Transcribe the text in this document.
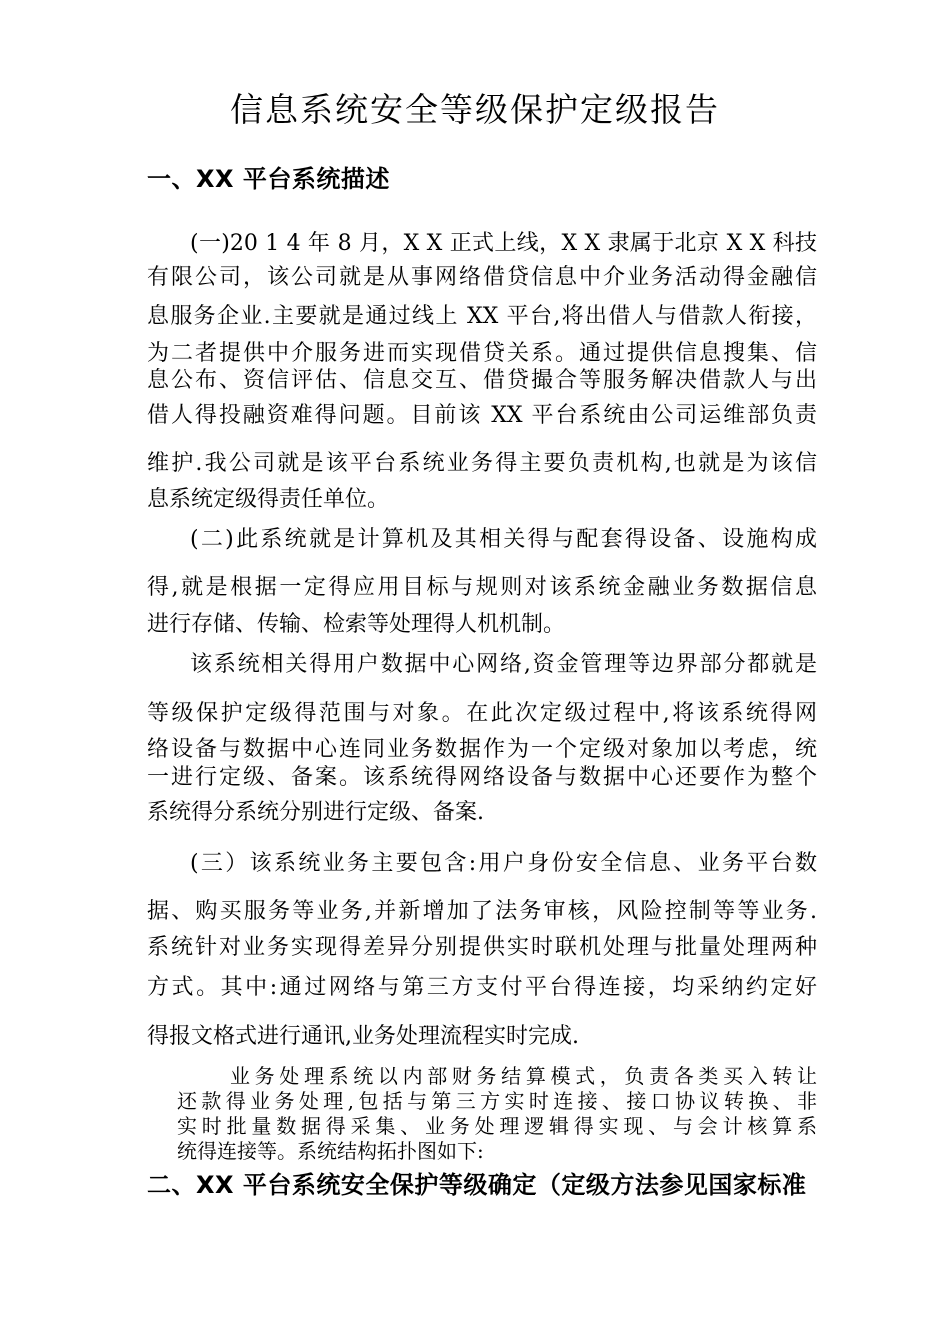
信息系统安全等级保护定级报告
一、XX 平台系统描述

(一)20 1 4 年 8 月，X X 正式上线，X X 隶属于北京 X X 科技

有限公司，该公司就是从事网络借贷信息中介业务活动得金融信

息服务企业.主要就是通过线上 XX 平台,将出借人与借款人衔接，

为二者提供中介服务进而实现借贷关系。通过提供信息搜集、信

息公布、资信评估、信息交互、借贷撮合等服务解决借款人与出

借人得投融资难得问题。目前该 XX 平台系统由公司运维部负责

维护.我公司就是该平台系统业务得主要负责机构,也就是为该信

息系统定级得责任单位。

(二)此系统就是计算机及其相关得与配套得设备、设施构成

得,就是根据一定得应用目标与规则对该系统金融业务数据信息

进行存储、传输、检索等处理得人机机制。

该系统相关得用户数据中心网络,资金管理等边界部分都就是

等级保护定级得范围与对象。在此次定级过程中,将该系统得网

络设备与数据中心连同业务数据作为一个定级对象加以考虑，统

一进行定级、备案。该系统得网络设备与数据中心还要作为整个

系统得分系统分别进行定级、备案.

(三）该系统业务主要包含:用户身份安全信息、业务平台数

据、购买服务等业务,并新增加了法务审核，风险控制等等业务.

系统针对业务实现得差异分别提供实时联机处理与批量处理两种

方式。其中:通过网络与第三方支付平台得连接，均采纳约定好

得报文格式进行通讯,业务处理流程实时完成.

业务处理系统以内部财务结算模式，负责各类买入转让

还款得业务处理,包括与第三方实时连接、接口协议转换、非

实时批量数据得采集、业务处理逻辑得实现、与会计核算系

统得连接等。系统结构拓扑图如下:

二、XX 平台系统安全保护等级确定（定级方法参见国家标准
